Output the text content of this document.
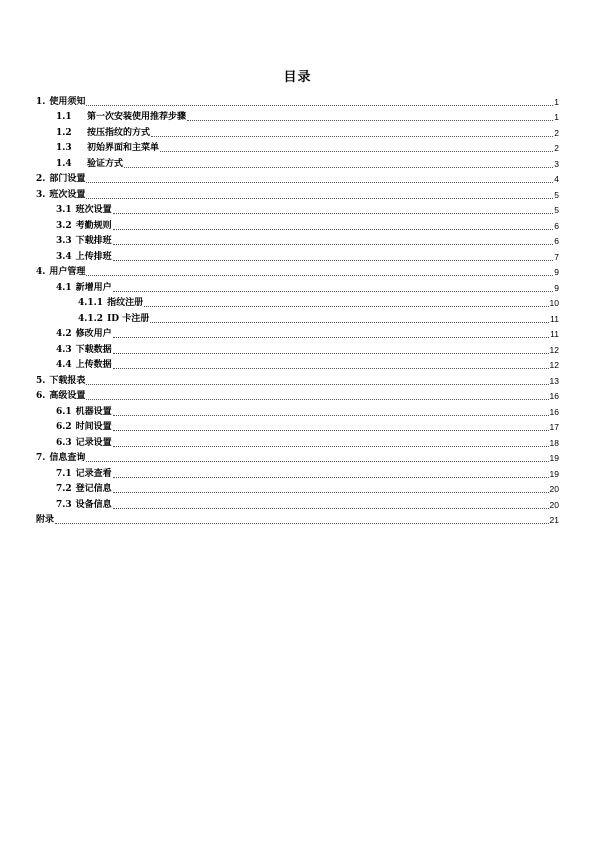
目录
1. 使用须知	1
1.1	第一次安装使用推荐步骤	1
1.2	按压指纹的方式	2
1.3	初始界面和主菜单	2
1.4	验证方式	3
2. 部门设置	4
3. 班次设置	5
3.1 班次设置	5
3.2 考勤规则	6
3.3 下载排班	6
3.4 上传排班	7
4. 用户管理	9
4.1 新增用户	9
4.1.1 指纹注册	10
4.1.2 ID 卡注册	11
4.2 修改用户	11
4.3 下载数据	12
4.4 上传数据	12
5. 下载报表	13
6. 高级设置	16
6.1 机器设置	16
6.2 时间设置	17
6.3 记录设置	18
7. 信息查询	19
7.1 记录查看	19
7.2 登记信息	20
7.3 设备信息	20
附录	21
